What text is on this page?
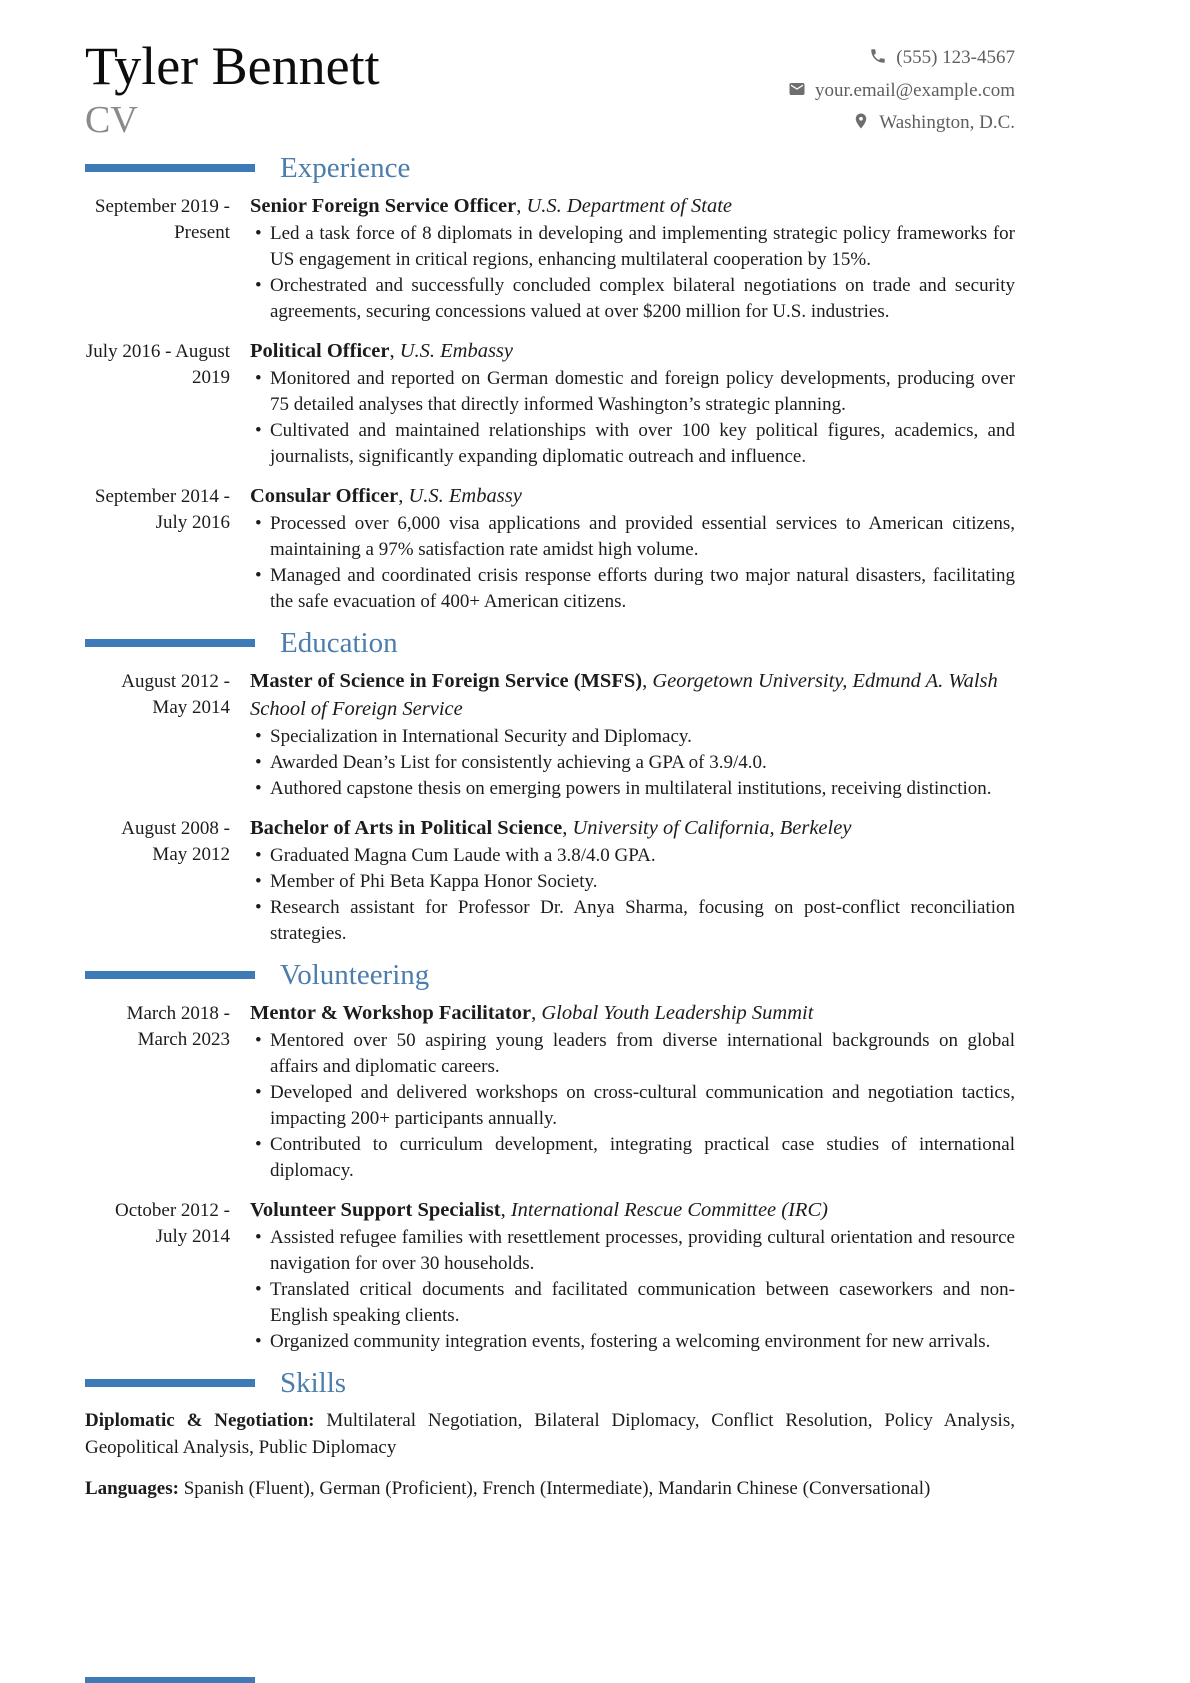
Tyler Bennett
CV
(555) 123-4567
your.email@example.com
Washington, D.C.
Experience
September 2019 - Present
Senior Foreign Service Officer, U.S. Department of State
• Led a task force of 8 diplomats in developing and implementing strategic policy frameworks for US engagement in critical regions, enhancing multilateral cooperation by 15%.
• Orchestrated and successfully concluded complex bilateral negotiations on trade and security agreements, securing concessions valued at over $200 million for U.S. industries.
July 2016 - August 2019
Political Officer, U.S. Embassy
• Monitored and reported on German domestic and foreign policy developments, producing over 75 detailed analyses that directly informed Washington’s strategic planning.
• Cultivated and maintained relationships with over 100 key political figures, academics, and journalists, significantly expanding diplomatic outreach and influence.
September 2014 - July 2016
Consular Officer, U.S. Embassy
• Processed over 6,000 visa applications and provided essential services to American citizens, maintaining a 97% satisfaction rate amidst high volume.
• Managed and coordinated crisis response efforts during two major natural disasters, facilitating the safe evacuation of 400+ American citizens.
Education
August 2012 - May 2014
Master of Science in Foreign Service (MSFS), Georgetown University, Edmund A. Walsh School of Foreign Service
• Specialization in International Security and Diplomacy.
• Awarded Dean’s List for consistently achieving a GPA of 3.9/4.0.
• Authored capstone thesis on emerging powers in multilateral institutions, receiving distinction.
August 2008 - May 2012
Bachelor of Arts in Political Science, University of California, Berkeley
• Graduated Magna Cum Laude with a 3.8/4.0 GPA.
• Member of Phi Beta Kappa Honor Society.
• Research assistant for Professor Dr. Anya Sharma, focusing on post-conflict reconciliation strategies.
Volunteering
March 2018 - March 2023
Mentor & Workshop Facilitator, Global Youth Leadership Summit
• Mentored over 50 aspiring young leaders from diverse international backgrounds on global affairs and diplomatic careers.
• Developed and delivered workshops on cross-cultural communication and negotiation tactics, impacting 200+ participants annually.
• Contributed to curriculum development, integrating practical case studies of international diplomacy.
October 2012 - July 2014
Volunteer Support Specialist, International Rescue Committee (IRC)
• Assisted refugee families with resettlement processes, providing cultural orientation and resource navigation for over 30 households.
• Translated critical documents and facilitated communication between caseworkers and non-English speaking clients.
• Organized community integration events, fostering a welcoming environment for new arrivals.
Skills

Diplomatic & Negotiation: Multilateral Negotiation, Bilateral Diplomacy, Conflict Resolution, Policy Analysis, Geopolitical Analysis, Public Diplomacy

Languages: Spanish (Fluent), German (Proficient), French (Intermediate), Mandarin Chinese (Conversational)
